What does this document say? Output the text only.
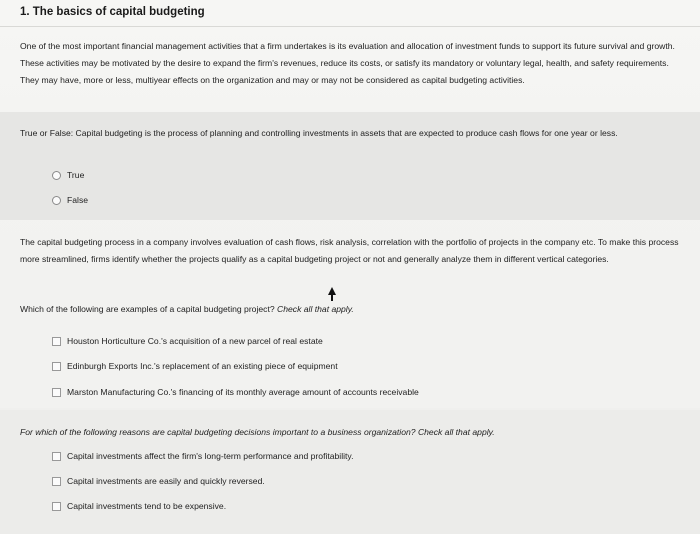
1. The basics of capital budgeting
One of the most important financial management activities that a firm undertakes is its evaluation and allocation of investment funds to support its future survival and growth. These activities may be motivated by the desire to expand the firm's revenues, reduce its costs, or satisfy its mandatory or voluntary legal, health, and safety requirements. They may have, more or less, multiyear effects on the organization and may or may not be considered as capital budgeting activities.
True or False: Capital budgeting is the process of planning and controlling investments in assets that are expected to produce cash flows for one year or less.
True
False
The capital budgeting process in a company involves evaluation of cash flows, risk analysis, correlation with the portfolio of projects in the company etc. To make this process more streamlined, firms identify whether the projects qualify as a capital budgeting project or not and generally analyze them in different vertical categories.
Which of the following are examples of a capital budgeting project? Check all that apply.
Houston Horticulture Co.'s acquisition of a new parcel of real estate
Edinburgh Exports Inc.'s replacement of an existing piece of equipment
Marston Manufacturing Co.'s financing of its monthly average amount of accounts receivable
For which of the following reasons are capital budgeting decisions important to a business organization? Check all that apply.
Capital investments affect the firm's long-term performance and profitability.
Capital investments are easily and quickly reversed.
Capital investments tend to be expensive.
